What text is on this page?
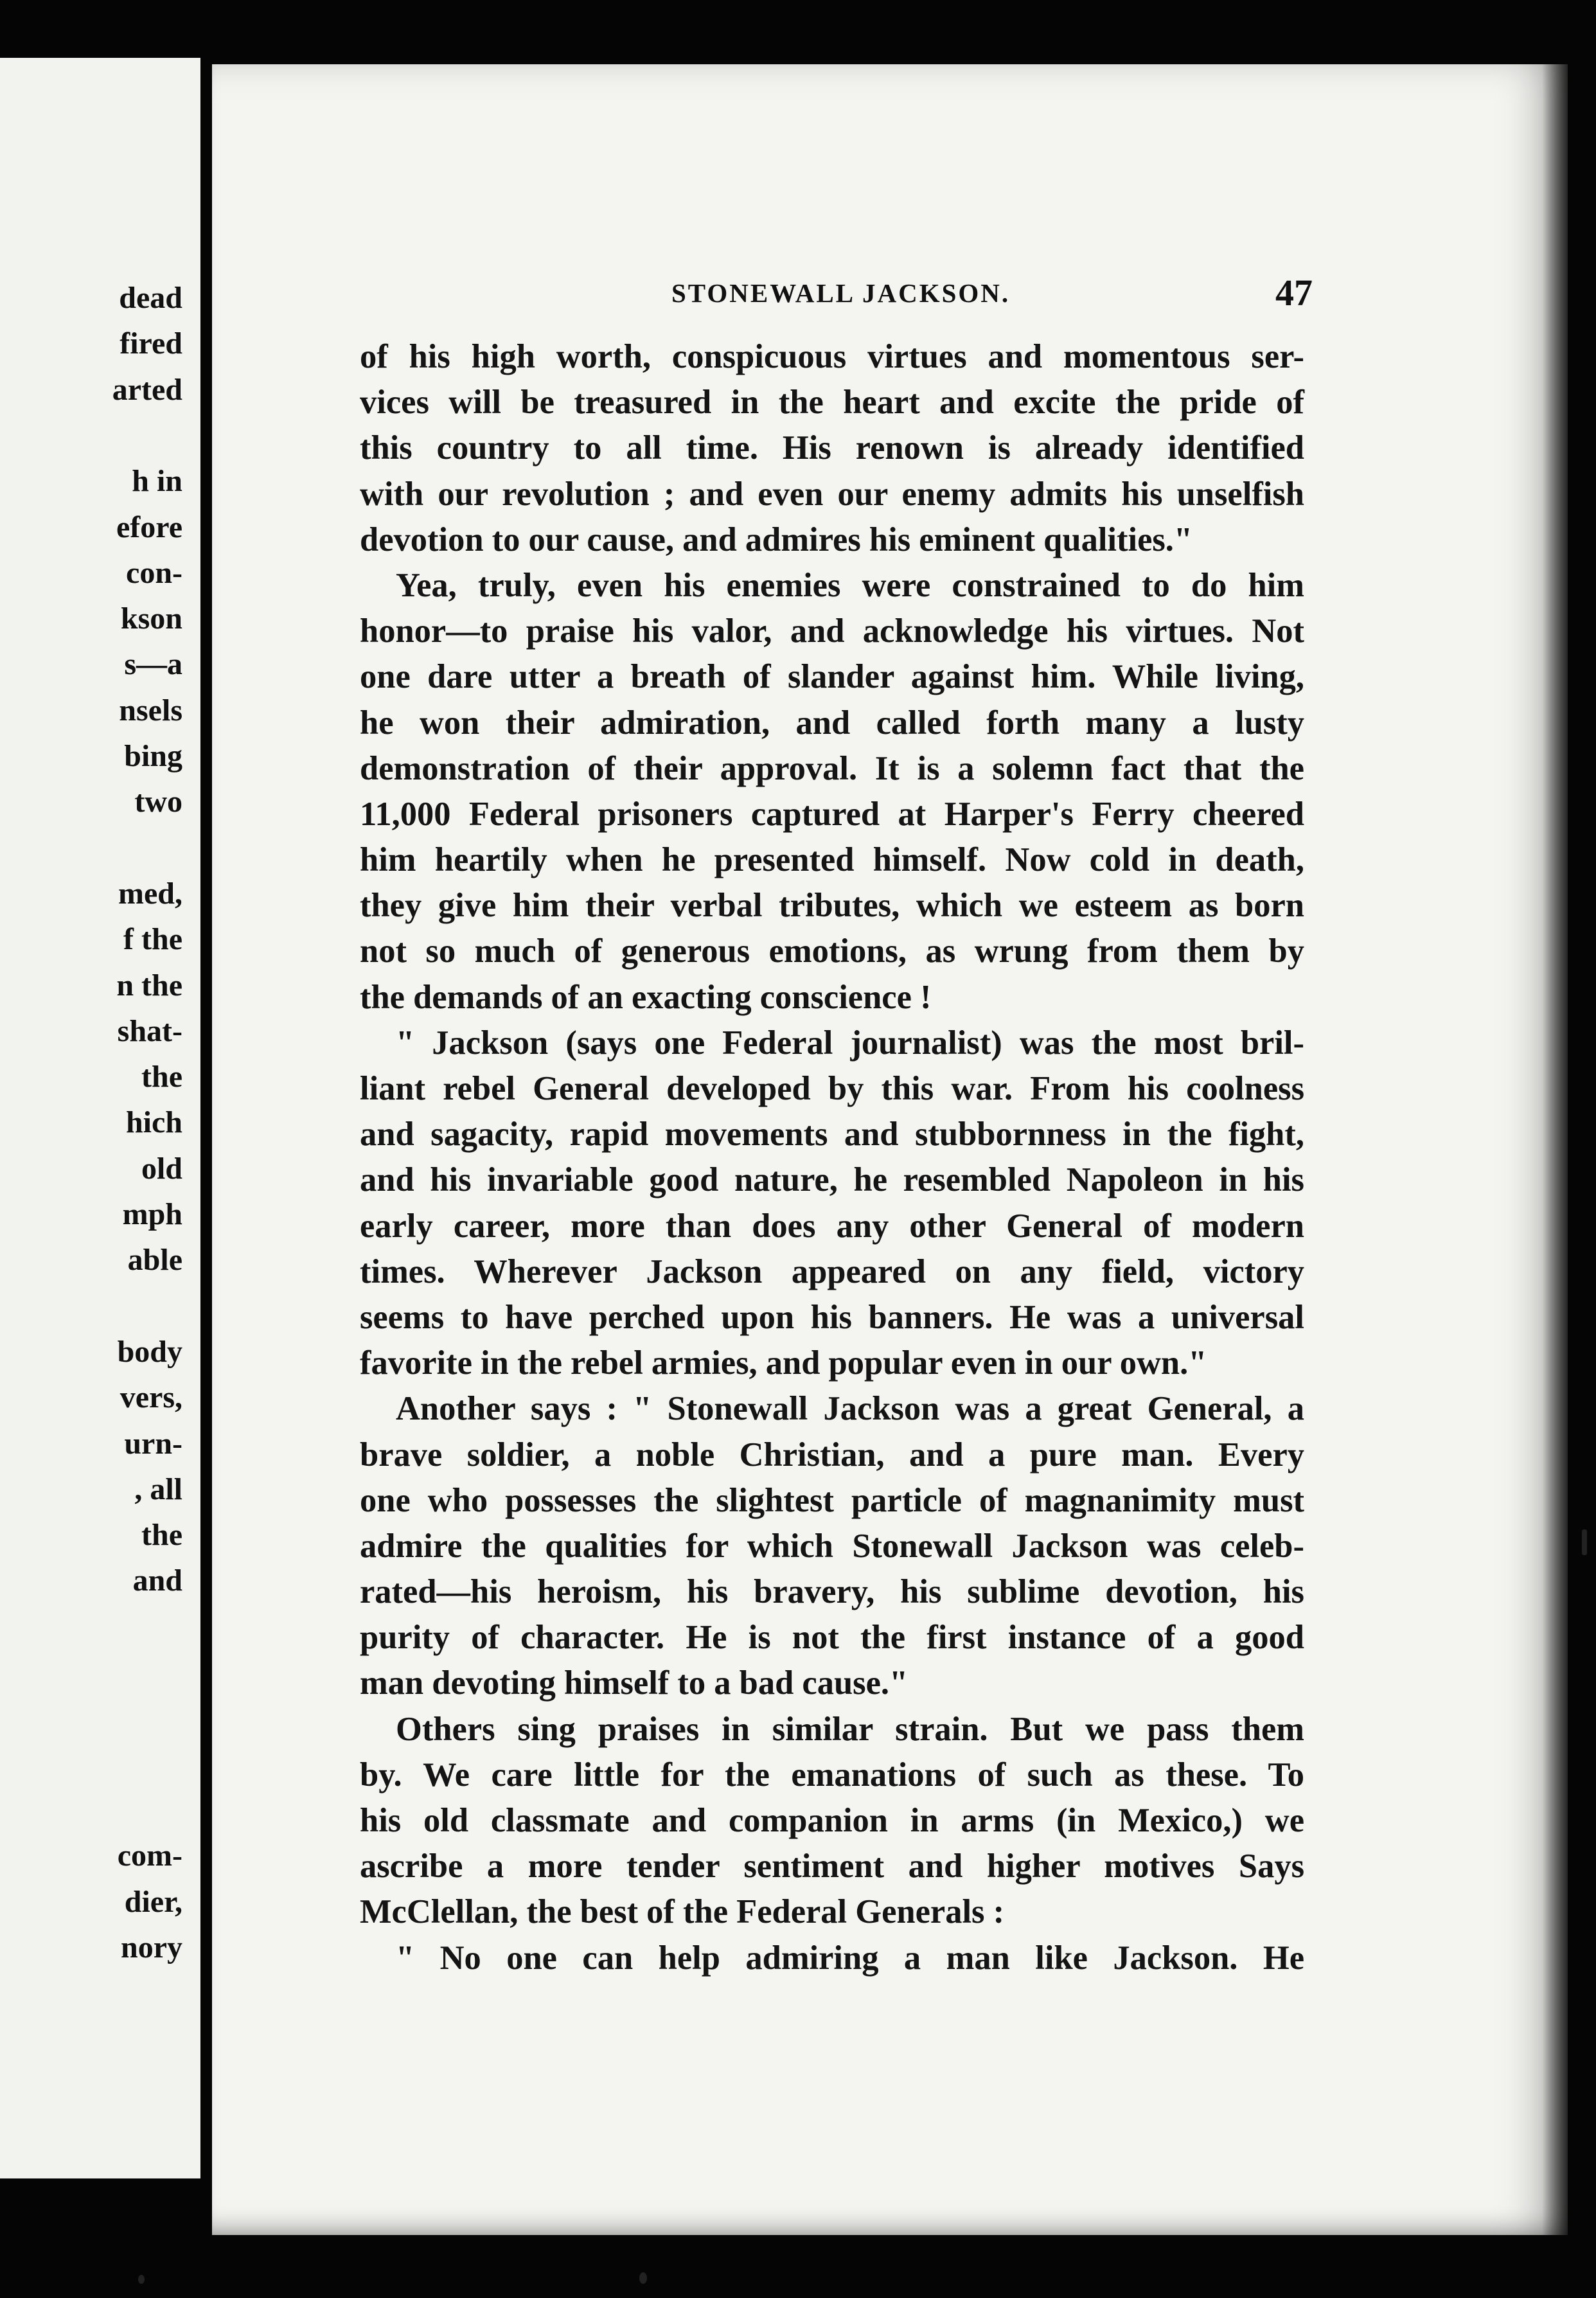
dead
fired
arted
h in
efore
con-
kson
s—a
nsels
bing
two
med,
f the
n the
shat-
the
hich
old
mph
able
body
vers,
urn-
, all
the
and
com-
dier,
nory
STONEWALL JACKSON.	47
of his high worth, conspicuous virtues and momentous ser-
vices will be treasured in the heart and excite the pride of
this country to all time. His renown is already identified
with our revolution ; and even our enemy admits his unselfish
devotion to our cause, and admires his eminent qualities."
Yea, truly, even his enemies were constrained to do him
honor—to praise his valor, and acknowledge his virtues. Not
one dare utter a breath of slander against him. While living,
he won their admiration, and called forth many a lusty
demonstration of their approval. It is a solemn fact that the
11,000 Federal prisoners captured at Harper's Ferry cheered
him heartily when he presented himself. Now cold in death,
they give him their verbal tributes, which we esteem as born
not so much of generous emotions, as wrung from them by
the demands of an exacting conscience !
" Jackson (says one Federal journalist) was the most bril-
liant rebel General developed by this war. From his coolness
and sagacity, rapid movements and stubbornness in the fight,
and his invariable good nature, he resembled Napoleon in his
early career, more than does any other General of modern
times. Wherever Jackson appeared on any field, victory
seems to have perched upon his banners. He was a universal
favorite in the rebel armies, and popular even in our own."
Another says : " Stonewall Jackson was a great General, a
brave soldier, a noble Christian, and a pure man. Every
one who possesses the slightest particle of magnanimity must
admire the qualities for which Stonewall Jackson was celeb-
rated—his heroism, his bravery, his sublime devotion, his
purity of character. He is not the first instance of a good
man devoting himself to a bad cause."
Others sing praises in similar strain. But we pass them
by. We care little for the emanations of such as these. To
his old classmate and companion in arms (in Mexico,) we
ascribe a more tender sentiment and higher motives Says
McClellan, the best of the Federal Generals :
" No one can help admiring a man like Jackson. He
